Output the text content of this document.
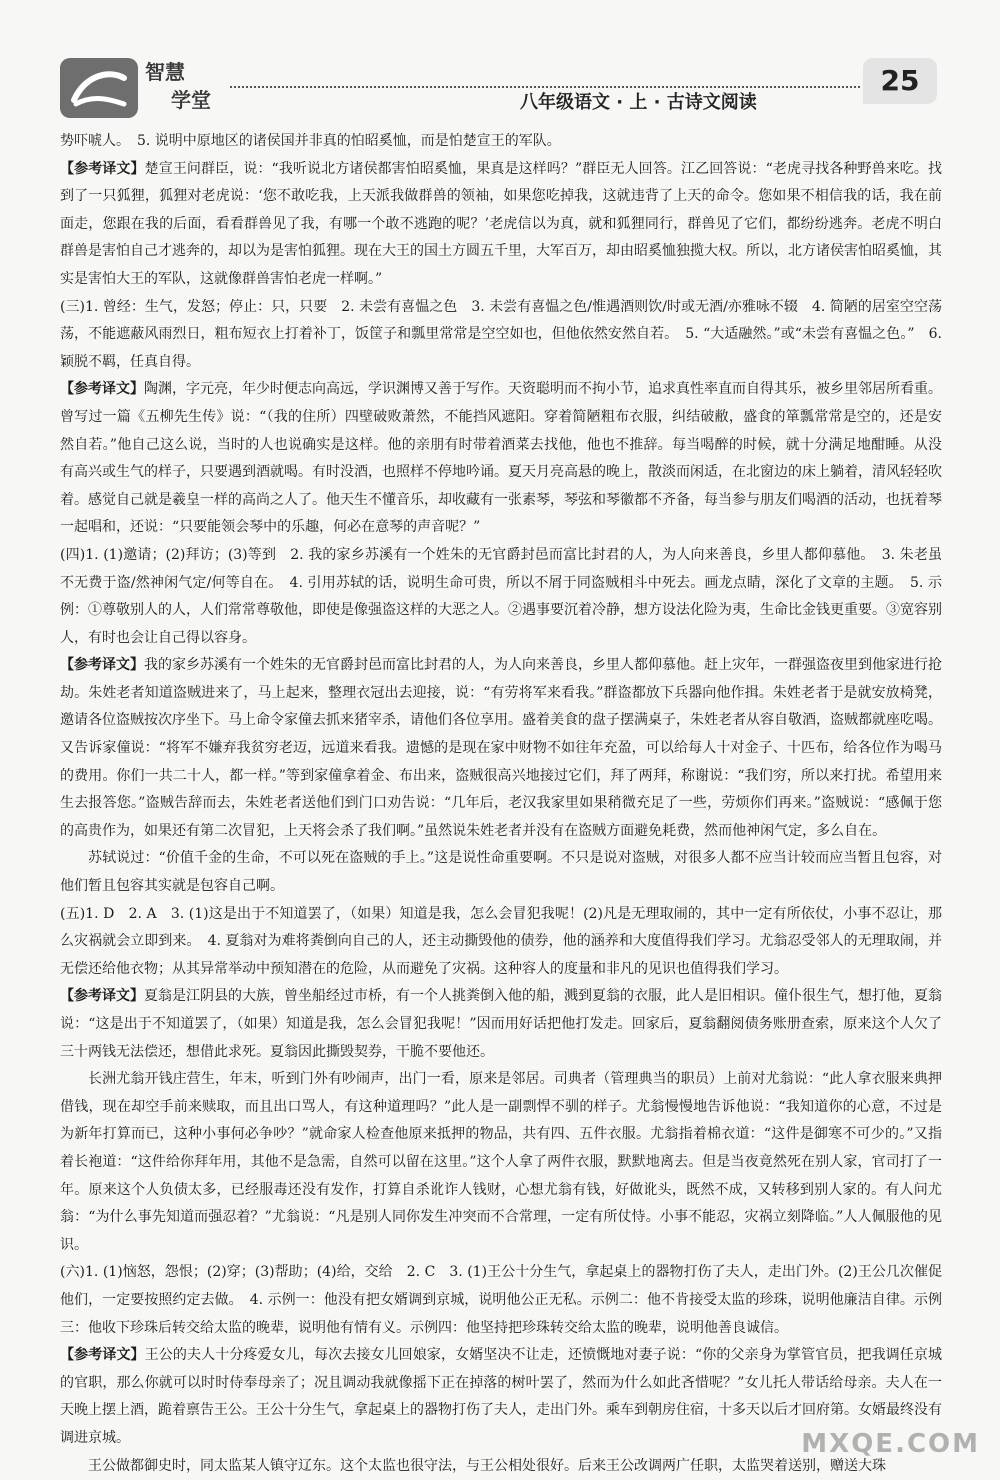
智慧
学堂	八年级语文 · 上 · 古诗文阅读
25

势吓唬人。　5. 说明中原地区的诸侯国并非真的怕昭奚恤，而是怕楚宣王的军队。　

【参考译文】楚宣王问群臣，说：“我听说北方诸侯都害怕昭奚恤，果真是这样吗？”群臣无人回答。江乙回答说：“老虎寻找各种野兽来吃。找到了一只狐狸，狐狸对老虎说：‘您不敢吃我，上天派我做群兽的领袖，如果您吃掉我，这就违背了上天的命令。您如果不相信我的话，我在前面走，您跟在我的后面，看看群兽见了我，有哪一个敢不逃跑的呢？’老虎信以为真，就和狐狸同行，群兽见了它们，都纷纷逃奔。老虎不明白群兽是害怕自己才逃奔的，却以为是害怕狐狸。现在大王的国土方圆五千里，大军百万，却由昭奚恤独揽大权。所以，北方诸侯害怕昭奚恤，其实是害怕大王的军队，这就像群兽害怕老虎一样啊。”

(三)1. 曾经：生气，发怒；停止：只，只要　2. 未尝有喜愠之色　3. 未尝有喜愠之色/惟遇酒则饮/时或无酒/亦雅咏不辍　4. 简陋的居室空空荡荡，不能遮蔽风雨烈日，粗布短衣上打着补丁，饭筐子和瓢里常常是空空如也，但他依然安然自若。　5. “大适融然。”或“未尝有喜愠之色。”　6. 颖脱不羁，任真自得。　

【参考译文】陶渊，字元亮，年少时便志向高远，学识渊博又善于写作。天资聪明而不拘小节，追求真性率直而自得其乐，被乡里邻居所看重。曾写过一篇《五柳先生传》说：“（我的住所）四壁破败萧然，不能挡风遮阳。穿着简陋粗布衣服，纠结破敝，盛食的箪瓢常常是空的，还是安然自若。”他自己这么说，当时的人也说确实是这样。他的亲朋有时带着酒菜去找他，他也不推辞。每当喝醉的时候，就十分满足地酣睡。从没有高兴或生气的样子，只要遇到酒就喝。有时没酒，也照样不停地吟诵。夏天月亮高悬的晚上，散淡而闲适，在北窗边的床上躺着，清风轻轻吹着。感觉自己就是羲皇一样的高尚之人了。他天生不懂音乐，却收藏有一张素琴，琴弦和琴徽都不齐备，每当参与朋友们喝酒的活动，也抚着琴一起唱和，还说：“只要能领会琴中的乐趣，何必在意琴的声音呢？”

(四)1. (1)邀请；(2)拜访；(3)等到　2. 我的家乡苏溪有一个姓朱的无官爵封邑而富比封君的人，为人向来善良，乡里人都仰慕他。　3. 朱老虽不无费于盗/然神闲气定/何等自在。　4. 引用苏轼的话，说明生命可贵，所以不屑于同盗贼相斗中死去。画龙点睛，深化了文章的主题。　5. 示例：①尊敬别人的人，人们常常尊敬他，即使是像强盗这样的大恶之人。②遇事要沉着冷静，想方设法化险为夷，生命比金钱更重要。③宽容别人，有时也会让自己得以容身。　

【参考译文】我的家乡苏溪有一个姓朱的无官爵封邑而富比封君的人，为人向来善良，乡里人都仰慕他。赶上灾年，一群强盗夜里到他家进行抢劫。朱姓老者知道盗贼进来了，马上起来，整理衣冠出去迎接，说：“有劳将军来看我。”群盗都放下兵器向他作揖。朱姓老者于是就安放椅凳，邀请各位盗贼按次序坐下。马上命令家僮去抓来猪宰杀，请他们各位享用。盛着美食的盘子摆满桌子，朱姓老者从容自敬酒，盗贼都就座吃喝。又告诉家僮说：“将军不嫌弃我贫穷老迈，远道来看我。遗憾的是现在家中财物不如往年充盈，可以给每人十对金子、十匹布，给各位作为喝马的费用。你们一共二十人，都一样。”等到家僮拿着金、布出来，盗贼很高兴地接过它们，拜了两拜，称谢说：“我们穷，所以来打扰。希望用来生去报答您。”盗贼告辞而去，朱姓老者送他们到门口劝告说：“几年后，老汉我家里如果稍微充足了一些，劳烦你们再来。”盗贼说：“感佩于您的高贵作为，如果还有第二次冒犯，上天将会杀了我们啊。”虽然说朱姓老者并没有在盗贼方面避免耗费，然而他神闲气定，多么自在。

苏轼说过：“价值千金的生命，不可以死在盗贼的手上。”这是说性命重要啊。不只是说对盗贼，对很多人都不应当计较而应当暂且包容，对他们暂且包容其实就是包容自己啊。

(五)1. D　2. A　3. (1)这是出于不知道罢了，（如果）知道是我，怎么会冒犯我呢！(2)凡是无理取闹的，其中一定有所依仗，小事不忍让，那么灾祸就会立即到来。　4. 夏翁对为难将粪倒向自己的人，还主动撕毁他的债券，他的涵养和大度值得我们学习。尤翁忍受邻人的无理取闹，并无偿还给他衣物；从其异常举动中预知潜在的危险，从而避免了灾祸。这种容人的度量和非凡的见识也值得我们学习。

【参考译文】夏翁是江阴县的大族，曾坐船经过市桥，有一个人挑粪倒入他的船，溅到夏翁的衣服，此人是旧相识。僮仆很生气，想打他，夏翁说：“这是出于不知道罢了，（如果）知道是我，怎么会冒犯我呢！”因而用好话把他打发走。回家后，夏翁翻阅债务账册查索，原来这个人欠了三十两钱无法偿还，想借此求死。夏翁因此撕毁契券，干脆不要他还。

长洲尤翁开钱庄营生，年末，听到门外有吵闹声，出门一看，原来是邻居。司典者（管理典当的职员）上前对尤翁说：“此人拿衣服来典押借钱，现在却空手前来赎取，而且出口骂人，有这种道理吗？”此人是一副剽悍不驯的样子。尤翁慢慢地告诉他说：“我知道你的心意，不过是为新年打算而已，这种小事何必争吵？”就命家人检查他原来抵押的物品，共有四、五件衣服。尤翁指着棉衣道：“这件是御寒不可少的。”又指着长袍道：“这件给你拜年用，其他不是急需，自然可以留在这里。”这个人拿了两件衣服，默默地离去。但是当夜竟然死在别人家，官司打了一年。原来这个人负债太多，已经服毒还没有发作，打算自杀讹诈人钱财，心想尤翁有钱，好做讹头，既然不成，又转移到别人家的。有人问尤翁：“为什么事先知道而强忍着？”尤翁说：“凡是别人同你发生冲突而不合常理，一定有所仗恃。小事不能忍，灾祸立刻降临。”人人佩服他的见识。

(六)1. (1)恼怒，怨恨；(2)穿；(3)帮助；(4)给，交给　2. C　3. (1)王公十分生气，拿起桌上的器物打伤了夫人，走出门外。(2)王公几次催促他们，一定要按照约定去做。　4. 示例一：他没有把女婿调到京城，说明他公正无私。示例二：他不肯接受太监的珍珠，说明他廉洁自律。示例三：他收下珍珠后转交给太监的晚辈，说明他有情有义。示例四：他坚持把珍珠转交给太监的晚辈，说明他善良诚信。

【参考译文】王公的夫人十分疼爱女儿，每次去接女儿回娘家，女婿坚决不让走，还愤慨地对妻子说：“你的父亲身为掌管官员，把我调任京城的官职，那么你就可以时时侍奉母亲了；况且调动我就像摇下正在掉落的树叶罢了，然而为什么如此吝惜呢？”女儿托人带话给母亲。夫人在一天晚上摆上酒，跪着禀告王公。王公十分生气，拿起桌上的器物打伤了夫人，走出门外。乘车到朝房住宿，十多天以后才回府第。女婿最终没有调进京城。

王公做都御史时，同太监某人镇守辽东。这个太监也很守法，与王公相处很好。后来王公改调两广任职，太监哭着送别，赠送大珠

MXQE.COM
